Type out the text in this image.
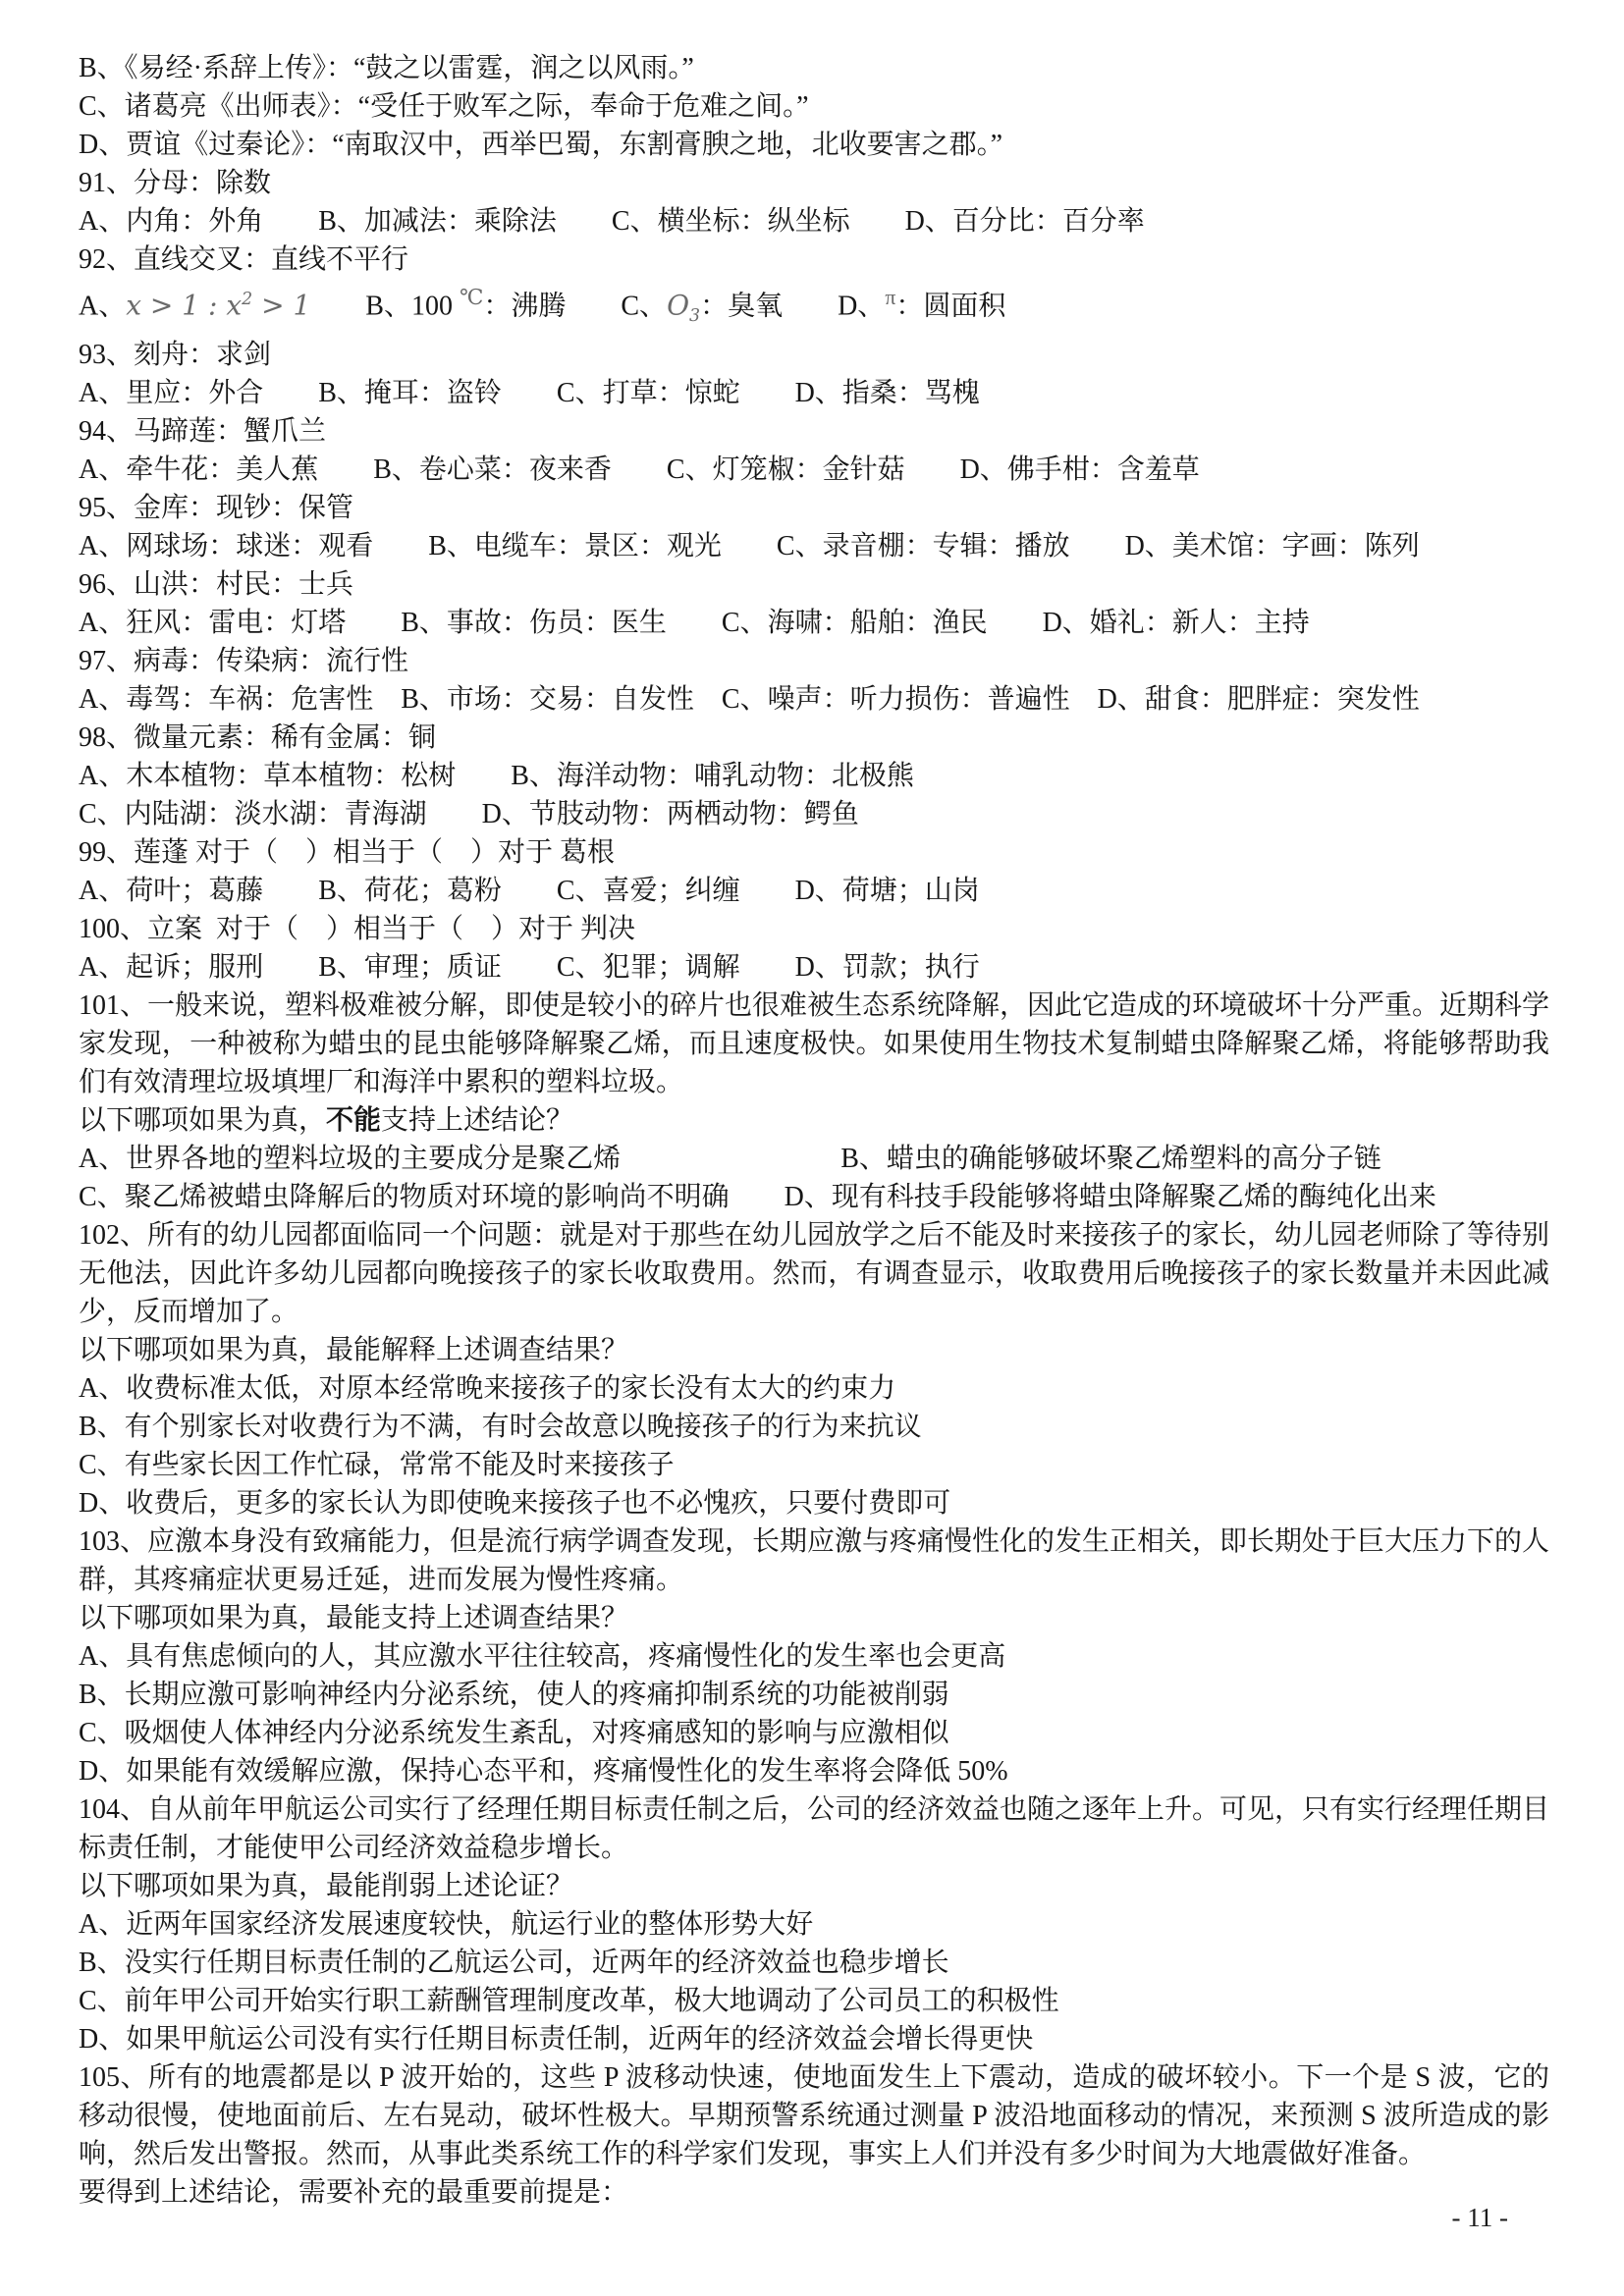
B、《易经·系辞上传》：“鼓之以雷霆，润之以风雨。”

C、诸葛亮《出师表》：“受任于败军之际，奉命于危难之间。”

D、贾谊《过秦论》：“南取汉中，西举巴蜀，东割膏腴之地，北收要害之郡。”

91、分母：除数

A、内角：外角　　B、加减法：乘除法　　C、横坐标：纵坐标　　D、百分比：百分率

92、直线交叉：直线不平行

A、x > 1 : $x^2 > 1$　　B、100 ℃：沸腾　　C、$O_3$：臭氧　　D、$^\pi$：圆面积

93、刻舟：求剑

A、里应：外合　　B、掩耳：盗铃　　C、打草：惊蛇　　D、指桑：骂槐

94、马蹄莲：蟹爪兰

A、牵牛花：美人蕉　　B、卷心菜：夜来香　　C、灯笼椒：金针菇　　D、佛手柑：含羞草

95、金库：现钞：保管

A、网球场：球迷：观看　　B、电缆车：景区：观光　　C、录音棚：专辑：播放　　D、美术馆：字画：陈列

96、山洪：村民：士兵

A、狂风：雷电：灯塔　　B、事故：伤员：医生　　C、海啸：船舶：渔民　　D、婚礼：新人：主持

97、病毒：传染病：流行性

A、毒驾：车祸：危害性　B、市场：交易：自发性　C、噪声：听力损伤：普遍性　D、甜食：肥胖症：突发性

98、微量元素：稀有金属：铜

A、木本植物：草本植物：松树　　B、海洋动物：哺乳动物：北极熊

C、内陆湖：淡水湖：青海湖　　D、节肢动物：两栖动物：鳄鱼

99、莲蓬 对于（　）相当于（　）对于 葛根

A、荷叶；葛藤　　B、荷花；葛粉　　C、喜爱；纠缠　　D、荷塘；山岗

100、立案  对于（　）相当于（　）对于 判决

A、起诉；服刑　　B、审理；质证　　C、犯罪；调解　　D、罚款；执行

101、一般来说，塑料极难被分解，即使是较小的碎片也很难被生态系统降解，因此它造成的环境破坏十分严重。近期科学家发现，一种被称为蜡虫的昆虫能够降解聚乙烯，而且速度极快。如果使用生物技术复制蜡虫降解聚乙烯，将能够帮助我们有效清理垃圾填埋厂和海洋中累积的塑料垃圾。

以下哪项如果为真，不能支持上述结论？

A、世界各地的塑料垃圾的主要成分是聚乙烯　　　　　　　　B、蜡虫的确能够破坏聚乙烯塑料的高分子链

C、聚乙烯被蜡虫降解后的物质对环境的影响尚不明确　　D、现有科技手段能够将蜡虫降解聚乙烯的酶纯化出来

102、所有的幼儿园都面临同一个问题：就是对于那些在幼儿园放学之后不能及时来接孩子的家长，幼儿园老师除了等待别无他法，因此许多幼儿园都向晚接孩子的家长收取费用。然而，有调查显示，收取费用后晚接孩子的家长数量并未因此减少，反而增加了。

以下哪项如果为真，最能解释上述调查结果？

A、收费标准太低，对原本经常晚来接孩子的家长没有太大的约束力

B、有个别家长对收费行为不满，有时会故意以晚接孩子的行为来抗议

C、有些家长因工作忙碌，常常不能及时来接孩子

D、收费后，更多的家长认为即使晚来接孩子也不必愧疚，只要付费即可

103、应激本身没有致痛能力，但是流行病学调查发现，长期应激与疼痛慢性化的发生正相关，即长期处于巨大压力下的人群，其疼痛症状更易迁延，进而发展为慢性疼痛。

以下哪项如果为真，最能支持上述调查结果？

A、具有焦虑倾向的人，其应激水平往往较高，疼痛慢性化的发生率也会更高

B、长期应激可影响神经内分泌系统，使人的疼痛抑制系统的功能被削弱

C、吸烟使人体神经内分泌系统发生紊乱，对疼痛感知的影响与应激相似

D、如果能有效缓解应激，保持心态平和，疼痛慢性化的发生率将会降低 50%

104、自从前年甲航运公司实行了经理任期目标责任制之后，公司的经济效益也随之逐年上升。可见，只有实行经理任期目标责任制，才能使甲公司经济效益稳步增长。

以下哪项如果为真，最能削弱上述论证？

A、近两年国家经济发展速度较快，航运行业的整体形势大好

B、没实行任期目标责任制的乙航运公司，近两年的经济效益也稳步增长

C、前年甲公司开始实行职工薪酬管理制度改革，极大地调动了公司员工的积极性

D、如果甲航运公司没有实行任期目标责任制，近两年的经济效益会增长得更快

105、所有的地震都是以 P 波开始的，这些 P 波移动快速，使地面发生上下震动，造成的破坏较小。下一个是 S 波，它的移动很慢，使地面前后、左右晃动，破坏性极大。早期预警系统通过测量 P 波沿地面移动的情况，来预测 S 波所造成的影响，然后发出警报。然而，从事此类系统工作的科学家们发现，事实上人们并没有多少时间为大地震做好准备。

要得到上述结论，需要补充的最重要前提是：

- 11 -
